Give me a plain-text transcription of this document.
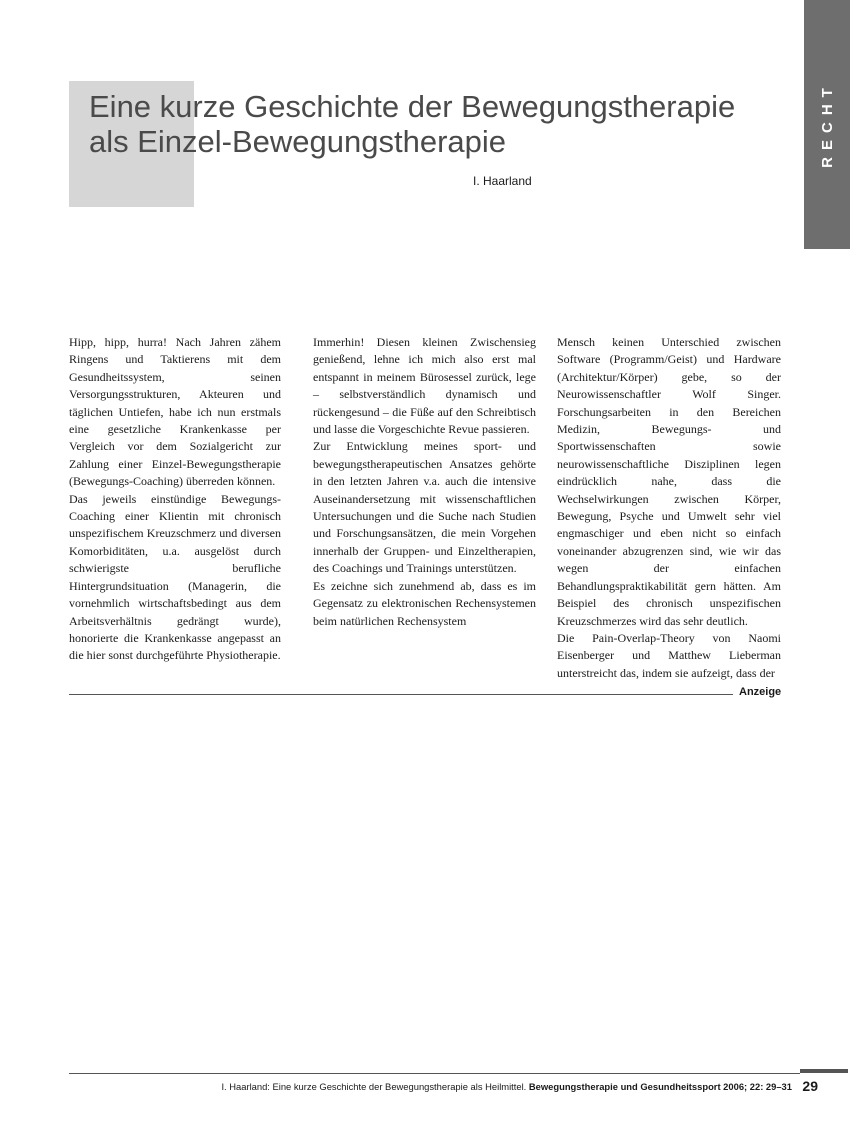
RECHT
Eine kurze Geschichte der Bewegungstherapie
als Einzel-Bewegungstherapie
I. Haarland

Hipp, hipp, hurra! Nach Jahren zähem Ringens und Taktierens mit dem Gesundheitssystem, seinen Versorgungsstrukturen, Akteuren und täglichen Untiefen, habe ich nun erstmals eine gesetzliche Krankenkasse per Vergleich vor dem Sozialgericht zur Zahlung einer Einzel-Bewegungstherapie (Bewegungs-Coaching) überreden können.

Das jeweils einstündige Bewegungs-Coaching einer Klientin mit chronisch unspezifischem Kreuzschmerz und diversen Komorbiditäten, u.a. ausgelöst durch schwierigste berufliche Hintergrundsituation (Managerin, die vornehmlich wirtschaftsbedingt aus dem Arbeitsverhältnis gedrängt wurde), honorierte die Krankenkasse angepasst an die hier sonst durchgeführte Physiotherapie.

Immerhin! Diesen kleinen Zwischensieg genießend, lehne ich mich also erst mal entspannt in meinem Bürosessel zurück, lege – selbstverständlich dynamisch und rückengesund – die Füße auf den Schreibtisch und lasse die Vorgeschichte Revue passieren.

Zur Entwicklung meines sport- und bewegungstherapeutischen Ansatzes gehörte in den letzten Jahren v.a. auch die intensive Auseinandersetzung mit wissenschaftlichen Untersuchungen und die Suche nach Studien und Forschungsansätzen, die mein Vorgehen innerhalb der Gruppen- und Einzeltherapien, des Coachings und Trainings unterstützen.

Es zeichne sich zunehmend ab, dass es im Gegensatz zu elektronischen Rechensystemen beim natürlichen Rechensystem

Mensch keinen Unterschied zwischen Software (Programm/Geist) und Hardware (Architektur/Körper) gebe, so der Neurowissenschaftler Wolf Singer. Forschungsarbeiten in den Bereichen Medizin, Bewegungs- und Sportwissenschaften sowie neurowissenschaftliche Disziplinen legen eindrücklich nahe, dass die Wechselwirkungen zwischen Körper, Bewegung, Psyche und Umwelt sehr viel engmaschiger und eben nicht so einfach voneinander abzugrenzen sind, wie wir das wegen der einfachen Behandlungspraktikabilität gern hätten. Am Beispiel des chronisch unspezifischen Kreuzschmerzes wird das sehr deutlich.

Die Pain-Overlap-Theory von Naomi Eisenberger und Matthew Lieberman unterstreicht das, indem sie aufzeigt, dass der

Anzeige
I. Haarland: Eine kurze Geschichte der Bewegungstherapie als Heilmittel. Bewegungstherapie und Gesundheitssport 2006; 22: 29–31 29
